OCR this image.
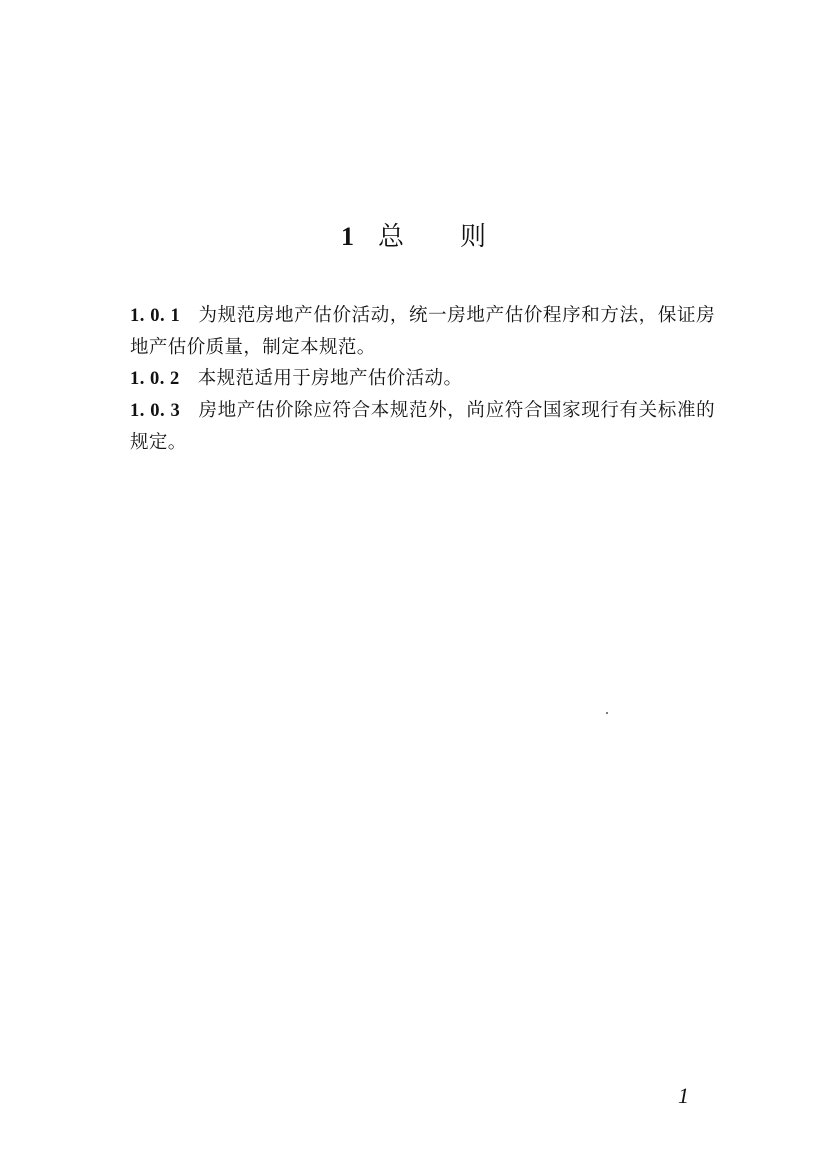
1 总 则

1. 0. 1 为规范房地产估价活动，统一房地产估价程序和方法，保证房地产估价质量，制定本规范。

1. 0. 2 本规范适用于房地产估价活动。

1. 0. 3 房地产估价除应符合本规范外，尚应符合国家现行有关标准的规定。

1
